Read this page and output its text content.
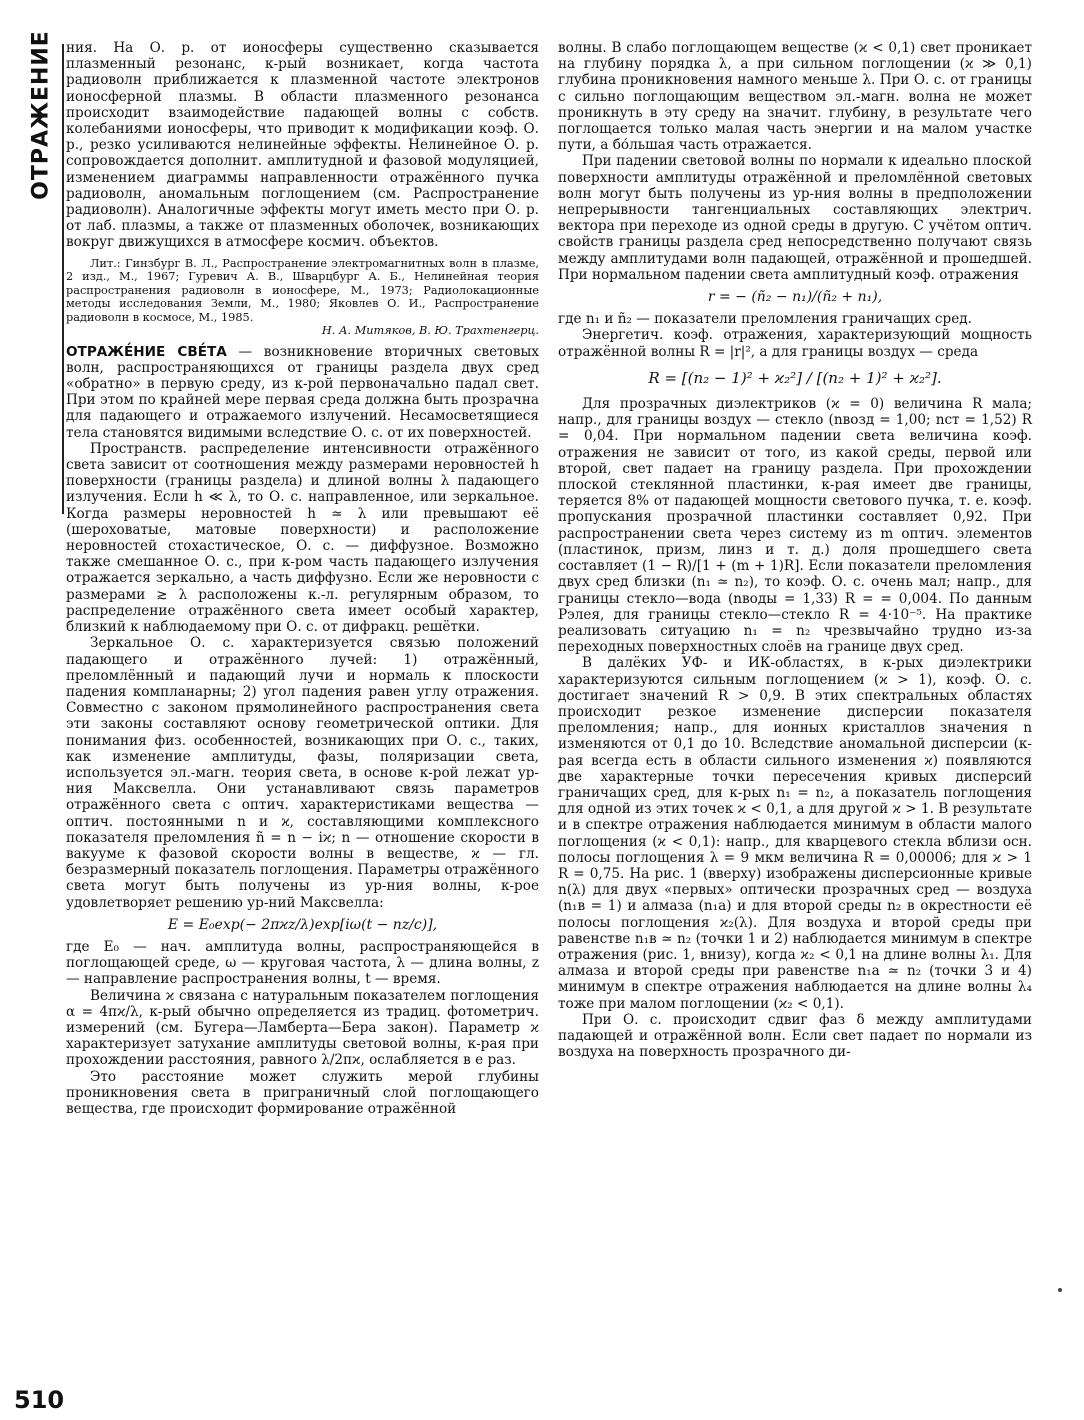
ОТРАЖЕНИЕ ния. На О. р. от ионосферы существенно сказывается плазменный резонанс, к-рый возникает, когда частота радиоволн приближается к плазменной частоте электронов ионосферной плазмы. В области плазменного резонанса происходит взаимодействие падающей волны с собств. колебаниями ионосферы, что приводит к модификации коэф. О. р., резко усиливаются нелинейные эффекты. Нелинейное О. р. сопровождается дополнит. амплитудной и фазовой модуляцией, изменением диаграммы направленности отражённого пучка радиоволн, аномальным поглощением (см. Распространение радиоволн). Аналогичные эффекты могут иметь место при О. р. от лаб. плазмы, а также от плазменных оболочек, возникающих вокруг движущихся в атмосфере космич. объектов.

Лит.: Гинзбург В. Л., Распространение электромагнитных волн в плазме, 2 изд., М., 1967; Гуревич А. В., Шварцбург А. Б., Нелинейная теория распространения радиоволн в ионосфере, М., 1973; Радиолокационные методы исследования Земли, М., 1980; Яковлев О. И., Распространение радиоволн в космосе, М., 1985.

Н. А. Митяков, В. Ю. Трахтенгерц.

ОТРАЖЕ́НИЕ СВЕ́ТА — возникновение вторичных световых волн, распространяющихся от границы раздела двух сред «обратно» в первую среду, из к-рой первоначально падал свет. При этом по крайней мере первая среда должна быть прозрачна для падающего и отражаемого излучений. Несамосветящиеся тела становятся видимыми вследствие О. с. от их поверхностей.

Пространств. распределение интенсивности отражённого света зависит от соотношения между размерами неровностей h поверхности (границы раздела) и длиной волны λ падающего излучения. Если h ≪ λ, то О. с. направленное, или зеркальное. Когда размеры неровностей h ≃ λ или превышают её (шероховатые, матовые поверхности) и расположение неровностей стохастическое, О. с. — диффузное. Возможно также смешанное О. с., при к-ром часть падающего излучения отражается зеркально, а часть диффузно. Если же неровности с размерами ≳ λ расположены к.-л. регулярным образом, то распределение отражённого света имеет особый характер, близкий к наблюдаемому при О. с. от дифракц. решётки.

Зеркальное О. с. характеризуется связью положений падающего и отражённого лучей: 1) отражённый, преломлённый и падающий лучи и нормаль к плоскости падения компланарны; 2) угол падения равен углу отражения. Совместно с законом прямолинейного распространения света эти законы составляют основу геометрической оптики. Для понимания физ. особенностей, возникающих при О. с., таких, как изменение амплитуды, фазы, поляризации света, используется эл.-магн. теория света, в основе к-рой лежат ур-ния Максвелла. Они устанавливают связь параметров отражённого света с оптич. характеристиками вещества — оптич. постоянными n и ϰ, составляющими комплексного показателя преломления ñ = n − iϰ; n — отношение скорости в вакууме к фазовой скорости волны в веществе, ϰ — гл. безразмерный показатель поглощения. Параметры отражённого света могут быть получены из ур-ния волны, к-рое удовлетворяет решению ур-ний Максвелла:

E = E₀exp(− 2πϰz/λ)exp[iω(t − nz/c)],

где E₀ — нач. амплитуда волны, распространяющейся в поглощающей среде, ω — круговая частота, λ — длина волны, z — направление распространения волны, t — время.

Величина ϰ связана с натуральным показателем поглощения α = 4πϰ/λ, к-рый обычно определяется из традиц. фотометрич. измерений (см. Бугера—Ламберта—Бера закон). Параметр ϰ характеризует затухание амплитуды световой волны, к-рая при прохождении расстояния, равного λ/2πϰ, ослабляется в e раз.

Это расстояние может служить мерой глубины проникновения света в приграничный слой поглощающего вещества, где происходит формирование отражённой

волны. В слабо поглощающем веществе (ϰ < 0,1) свет проникает на глубину порядка λ, а при сильном поглощении (ϰ ≫ 0,1) глубина проникновения намного меньше λ. При О. с. от границы с сильно поглощающим веществом эл.-магн. волна не может проникнуть в эту среду на значит. глубину, в результате чего поглощается только малая часть энергии и на малом участке пути, а бо́льшая часть отражается.

При падении световой волны по нормали к идеально плоской поверхности амплитуды отражённой и преломлённой световых волн могут быть получены из ур-ния волны в предположении непрерывности тангенциальных составляющих электрич. вектора при переходе из одной среды в другую. С учётом оптич. свойств границы раздела сред непосредственно получают связь между амплитудами волн падающей, отражённой и прошедшей. При нормальном падении света амплитудный коэф. отражения

r = − (ñ₂ − n₁)/(ñ₂ + n₁),

где n₁ и ñ₂ — показатели преломления граничащих сред.

Энергетич. коэф. отражения, характеризующий мощность отражённой волны R = |r|², а для границы воздух — среда

R = [(n₂ − 1)² + ϰ₂²] / [(n₂ + 1)² + ϰ₂²].

Для прозрачных диэлектриков (ϰ = 0) величина R мала; напр., для границы воздух — стекло (nвозд = 1,00; nст = 1,52) R = 0,04. При нормальном падении света величина коэф. отражения не зависит от того, из какой среды, первой или второй, свет падает на границу раздела. При прохождении плоской стеклянной пластинки, к-рая имеет две границы, теряется 8% от падающей мощности светового пучка, т. е. коэф. пропускания прозрачной пластинки составляет 0,92. При распространении света через систему из m оптич. элементов (пластинок, призм, линз и т. д.) доля прошедшего света составляет (1 − R)/[1 + (m + 1)R]. Если показатели преломления двух сред близки (n₁ ≃ n₂), то коэф. О. с. очень мал; напр., для границы стекло—вода (nводы = 1,33) R = = 0,004. По данным Рэлея, для границы стекло—стекло R = 4·10⁻⁵. На практике реализовать ситуацию n₁ = n₂ чрезвычайно трудно из-за переходных поверхностных слоёв на границе двух сред.

В далёких УФ- и ИК-областях, в к-рых диэлектрики характеризуются сильным поглощением (ϰ > 1), коэф. О. с. достигает значений R > 0,9. В этих спектральных областях происходит резкое изменение дисперсии показателя преломления; напр., для ионных кристаллов значения n изменяются от 0,1 до 10. Вследствие аномальной дисперсии (к-рая всегда есть в области сильного изменения ϰ) появляются две характерные точки пересечения кривых дисперсий граничащих сред, для к-рых n₁ = n₂, а показатель поглощения для одной из этих точек ϰ < 0,1, а для другой ϰ > 1. В результате и в спектре отражения наблюдается минимум в области малого поглощения (ϰ < 0,1): напр., для кварцевого стекла вблизи осн. полосы поглощения λ = 9 мкм величина R = 0,00006; для ϰ > 1 R = 0,75. На рис. 1 (вверху) изображены дисперсионные кривые n(λ) для двух «первых» оптически прозрачных сред — воздуха (n₁в = 1) и алмаза (n₁а) и для второй среды n₂ в окрестности её полосы поглощения ϰ₂(λ). Для воздуха и второй среды при равенстве n₁в ≃ n₂ (точки 1 и 2) наблюдается минимум в спектре отражения (рис. 1, внизу), когда ϰ₂ < 0,1 на длине волны λ₁. Для алмаза и второй среды при равенстве n₁а ≃ n₂ (точки 3 и 4) минимум в спектре отражения наблюдается на длине волны λ₄ тоже при малом поглощении (ϰ₂ < 0,1).

При О. с. происходит сдвиг фаз δ между амплитудами падающей и отражённой волн. Если свет падает по нормали из воздуха на поверхность прозрачного ди-

510
